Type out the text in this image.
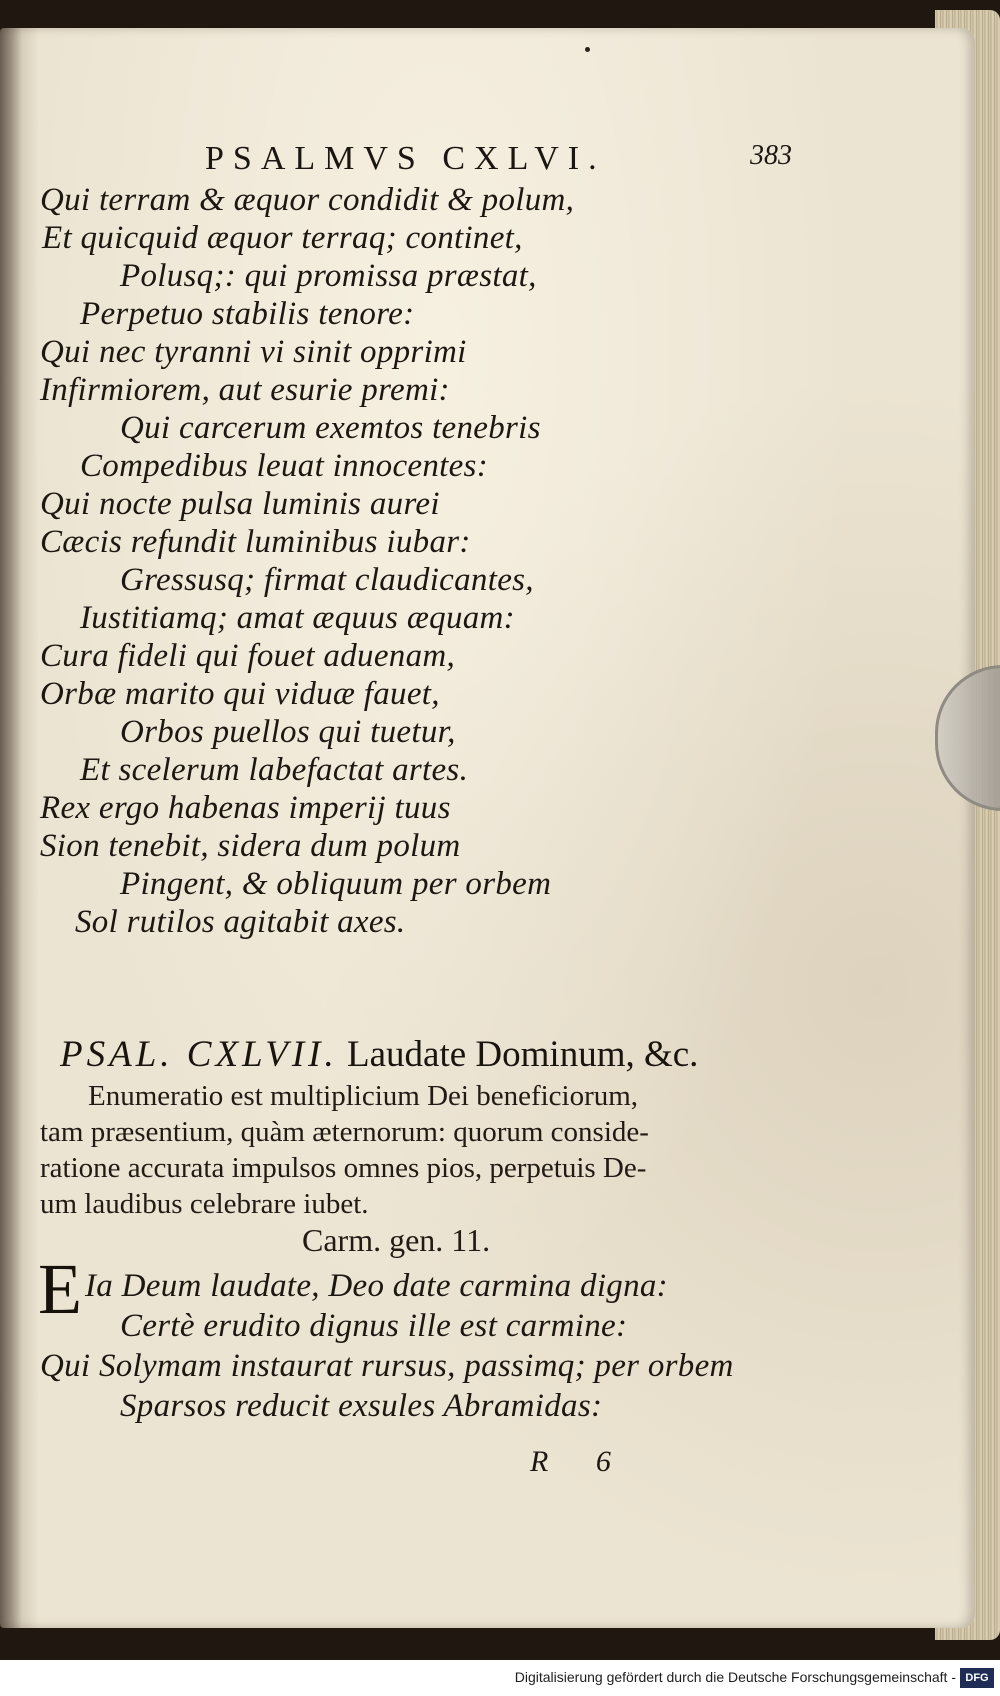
PSALMVS CXLVI.	383
Qui terram & æquor condidit & polum,
Et quicquid æquor terraq; continet,
Polusq;: qui promissa præstat,
Perpetuo stabilis tenore:
Qui nec tyranni vi sinit opprimi
Infirmiorem, aut esurie premi:
Qui carcerum exemtos tenebris
Compedibus leuat innocentes:
Qui nocte pulsa luminis aurei
Cæcis refundit luminibus iubar:
Gressusq; firmat claudicantes,
Iustitiamq; amat æquus æquam:
Cura fideli qui fouet aduenam,
Orbæ marito qui viduæ fauet,
Orbos puellos qui tuetur,
Et scelerum labefactat artes.
Rex ergo habenas imperij tuus
Sion tenebit, sidera dum polum
Pingent, & obliquum per orbem
Sol rutilos agitabit axes.
PSAL. CXLVII. Laudate Dominum, &c.
Enumeratio est multiplicium Dei beneficiorum,
tam præsentium, quàm æternorum: quorum conside-
ratione accurata impulsos omnes pios, perpetuis De-
um laudibus celebrare iubet.
Carm. gen. 11.
E Ia Deum laudate, Deo date carmina digna:
Certè erudito dignus ille est carmine:
Qui Solymam instaurat rursus, passimq; per orbem
Sparsos reducit exsules Abramidas:
R 6
Digitalisierung gefördert durch die Deutsche Forschungsgemeinschaft - DFG
